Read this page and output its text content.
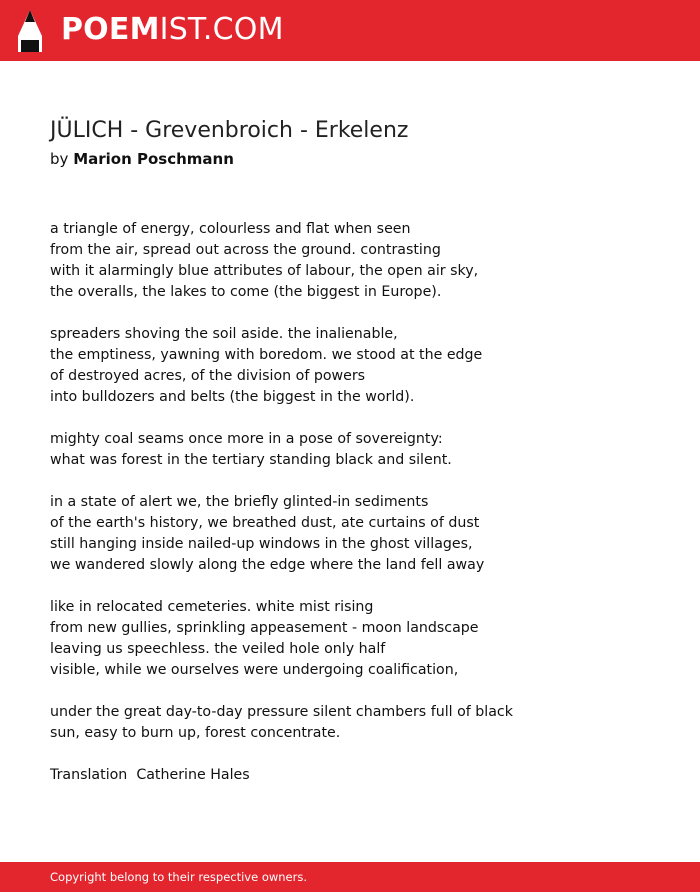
POEMIST.COM
JÜLICH - Grevenbroich - Erkelenz
by Marion Poschmann
a triangle of energy, colourless and flat when seen
from the air, spread out across the ground. contrasting
with it alarmingly blue attributes of labour, the open air sky,
the overalls, the lakes to come (the biggest in Europe).
spreaders shoving the soil aside. the inalienable,
the emptiness, yawning with boredom. we stood at the edge
of destroyed acres, of the division of powers
into bulldozers and belts (the biggest in the world).
mighty coal seams once more in a pose of sovereignty:
what was forest in the tertiary standing black and silent.
in a state of alert we, the briefly glinted-in sediments
of the earth's history, we breathed dust, ate curtains of dust
still hanging inside nailed-up windows in the ghost villages,
we wandered slowly along the edge where the land fell away
like in relocated cemeteries. white mist rising
from new gullies, sprinkling appeasement - moon landscape
leaving us speechless. the veiled hole only half
visible, while we ourselves were undergoing coalification,
under the great day-to-day pressure silent chambers full of black
sun, easy to burn up, forest concentrate.
Translation  Catherine Hales
Copyright belong to their respective owners.
